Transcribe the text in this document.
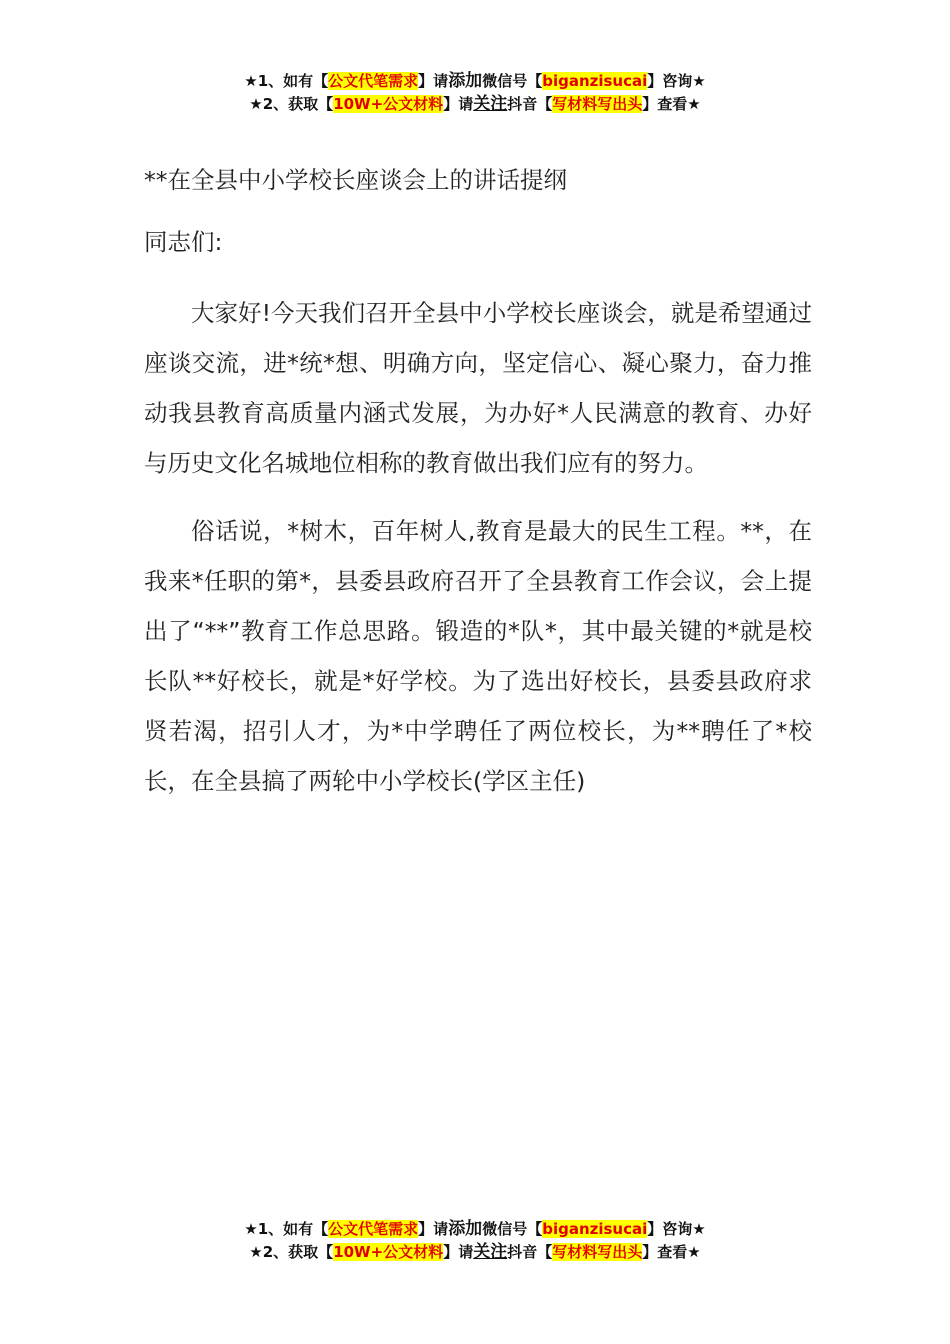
★1、如有【公文代笔需求】请添加微信号【biganzisucai】咨询★
★2、获取【10W+公文材料】请关注抖音【写材料写出头】查看★
**在全县中小学校长座谈会上的讲话提纲
同志们:

大家好!今天我们召开全县中小学校长座谈会，就是希望通过座谈交流，进*统*想、明确方向，坚定信心、凝心聚力，奋力推动我县教育高质量内涵式发展，为办好*人民满意的教育、办好与历史文化名城地位相称的教育做出我们应有的努力。

俗话说，*树木，百年树人,教育是最大的民生工程。**，在我来*任职的第*，县委县政府召开了全县教育工作会议，会上提出了“**”教育工作总思路。锻造的*队*，其中最关键的*就是校长队**好校长，就是*好学校。为了选出好校长，县委县政府求贤若渴，招引人才，为*中学聘任了两位校长，为**聘任了*校长，在全县搞了两轮中小学校长(学区主任)

★1、如有【公文代笔需求】请添加微信号【biganzisucai】咨询★
★2、获取【10W+公文材料】请关注抖音【写材料写出头】查看★
